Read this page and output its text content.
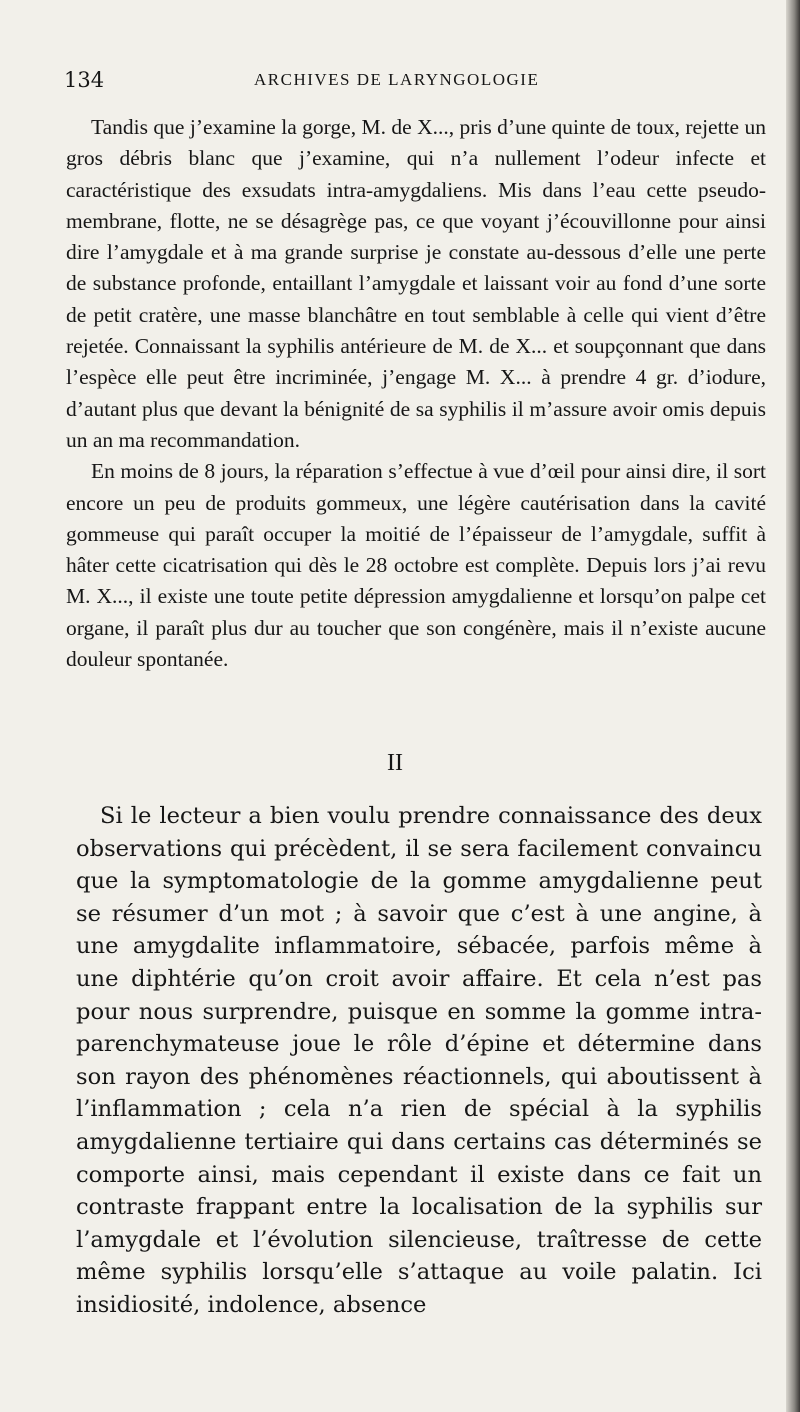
134	ARCHIVES DE LARYNGOLOGIE

Tandis que j’examine la gorge, M. de X..., pris d’une quinte de toux, rejette un gros débris blanc que j’examine, qui n’a nullement l’odeur infecte et caractéristique des exsudats intra-amygdaliens. Mis dans l’eau cette pseudo-membrane, flotte, ne se désagrège pas, ce que voyant j’écouvillonne pour ainsi dire l’amygdale et à ma grande surprise je constate au-dessous d’elle une perte de substance profonde, entaillant l’amygdale et laissant voir au fond d’une sorte de petit cratère, une masse blanchâtre en tout semblable à celle qui vient d’être rejetée. Connaissant la syphilis antérieure de M. de X... et soupçonnant que dans l’espèce elle peut être incriminée, j’engage M. X... à prendre 4 gr. d’iodure, d’autant plus que devant la bénignité de sa syphilis il m’assure avoir omis depuis un an ma recommandation.

En moins de 8 jours, la réparation s’effectue à vue d’œil pour ainsi dire, il sort encore un peu de produits gommeux, une légère cautérisation dans la cavité gommeuse qui paraît occuper la moitié de l’épaisseur de l’amygdale, suffit à hâter cette cicatrisation qui dès le 28 octobre est complète. Depuis lors j’ai revu M. X..., il existe une toute petite dépression amygdalienne et lorsqu’on palpe cet organe, il paraît plus dur au toucher que son congénère, mais il n’existe aucune douleur spontanée.

II

Si le lecteur a bien voulu prendre connaissance des deux observations qui précèdent, il se sera facilement convaincu que la symptomatologie de la gomme amygdalienne peut se résumer d’un mot ; à savoir que c’est à une angine, à une amygdalite inflammatoire, sébacée, parfois même à une diphtérie qu’on croit avoir affaire. Et cela n’est pas pour nous surprendre, puisque en somme la gomme intra-parenchymateuse joue le rôle d’épine et détermine dans son rayon des phénomènes réactionnels, qui aboutissent à l’inflammation ; cela n’a rien de spécial à la syphilis amygdalienne tertiaire qui dans certains cas déterminés se comporte ainsi, mais cependant il existe dans ce fait un contraste frappant entre la localisation de la syphilis sur l’amygdale et l’évolution silencieuse, traîtresse de cette même syphilis lorsqu’elle s’attaque au voile palatin. Ici insidiosité, indolence, absence
